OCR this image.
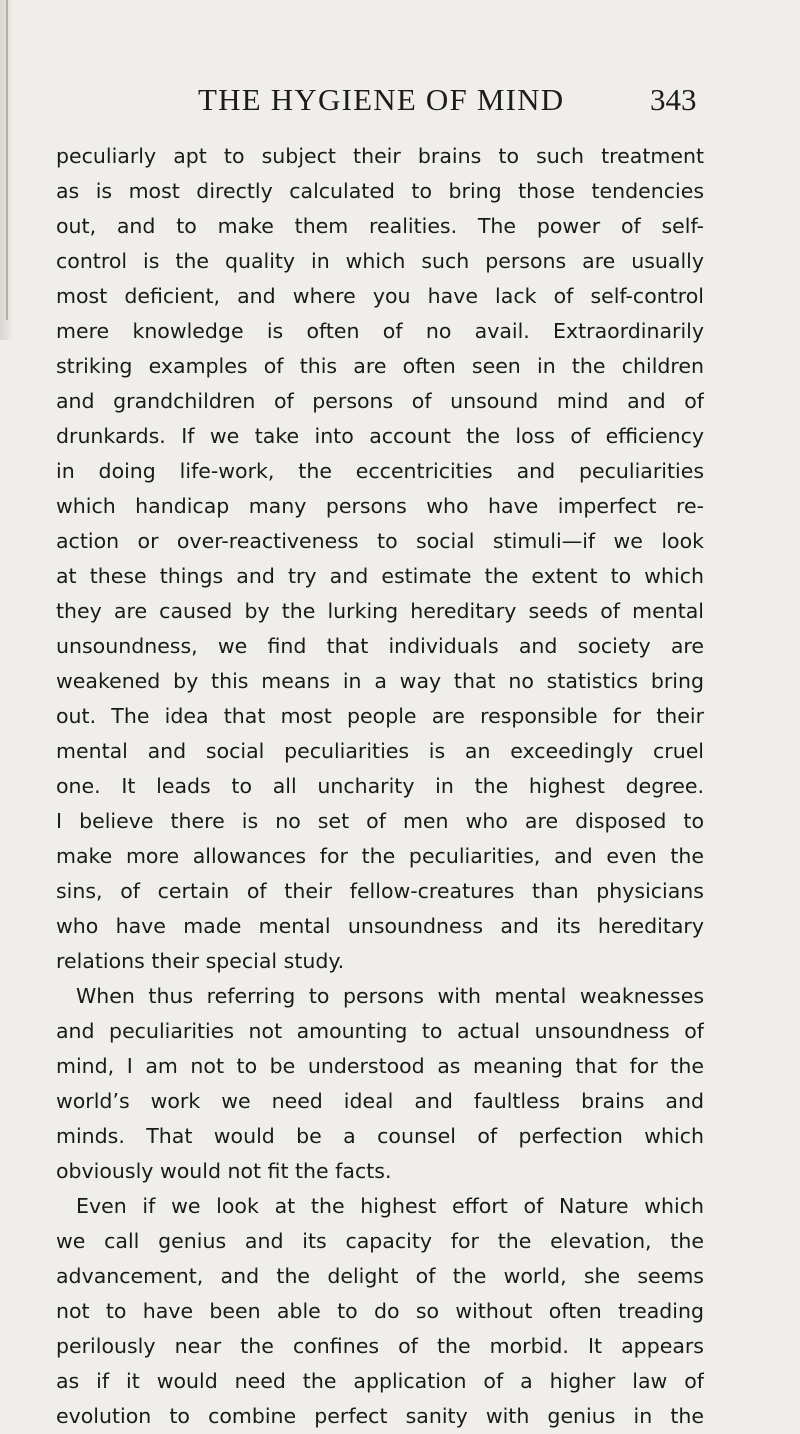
THE HYGIENE OF MIND	343
peculiarly apt to subject their brains to such treatment
as is most directly calculated to bring those tendencies
out, and to make them realities. The power of self-
control is the quality in which such persons are usually
most deficient, and where you have lack of self-control
mere knowledge is often of no avail. Extraordinarily
striking examples of this are often seen in the children
and grandchildren of persons of unsound mind and of
drunkards. If we take into account the loss of efficiency
in doing life-work, the eccentricities and peculiarities
which handicap many persons who have imperfect re-
action or over-reactiveness to social stimuli—if we look
at these things and try and estimate the extent to which
they are caused by the lurking hereditary seeds of mental
unsoundness, we find that individuals and society are
weakened by this means in a way that no statistics bring
out. The idea that most people are responsible for their
mental and social peculiarities is an exceedingly cruel
one. It leads to all uncharity in the highest degree.
I believe there is no set of men who are disposed to
make more allowances for the peculiarities, and even the
sins, of certain of their fellow-creatures than physicians
who have made mental unsoundness and its hereditary
relations their special study.
When thus referring to persons with mental weaknesses
and peculiarities not amounting to actual unsoundness of
mind, I am not to be understood as meaning that for the
world’s work we need ideal and faultless brains and
minds. That would be a counsel of perfection which
obviously would not fit the facts.
Even if we look at the highest effort of Nature which
we call genius and its capacity for the elevation, the
advancement, and the delight of the world, she seems
not to have been able to do so without often treading
perilously near the confines of the morbid. It appears
as if it would need the application of a higher law of
evolution to combine perfect sanity with genius in the
